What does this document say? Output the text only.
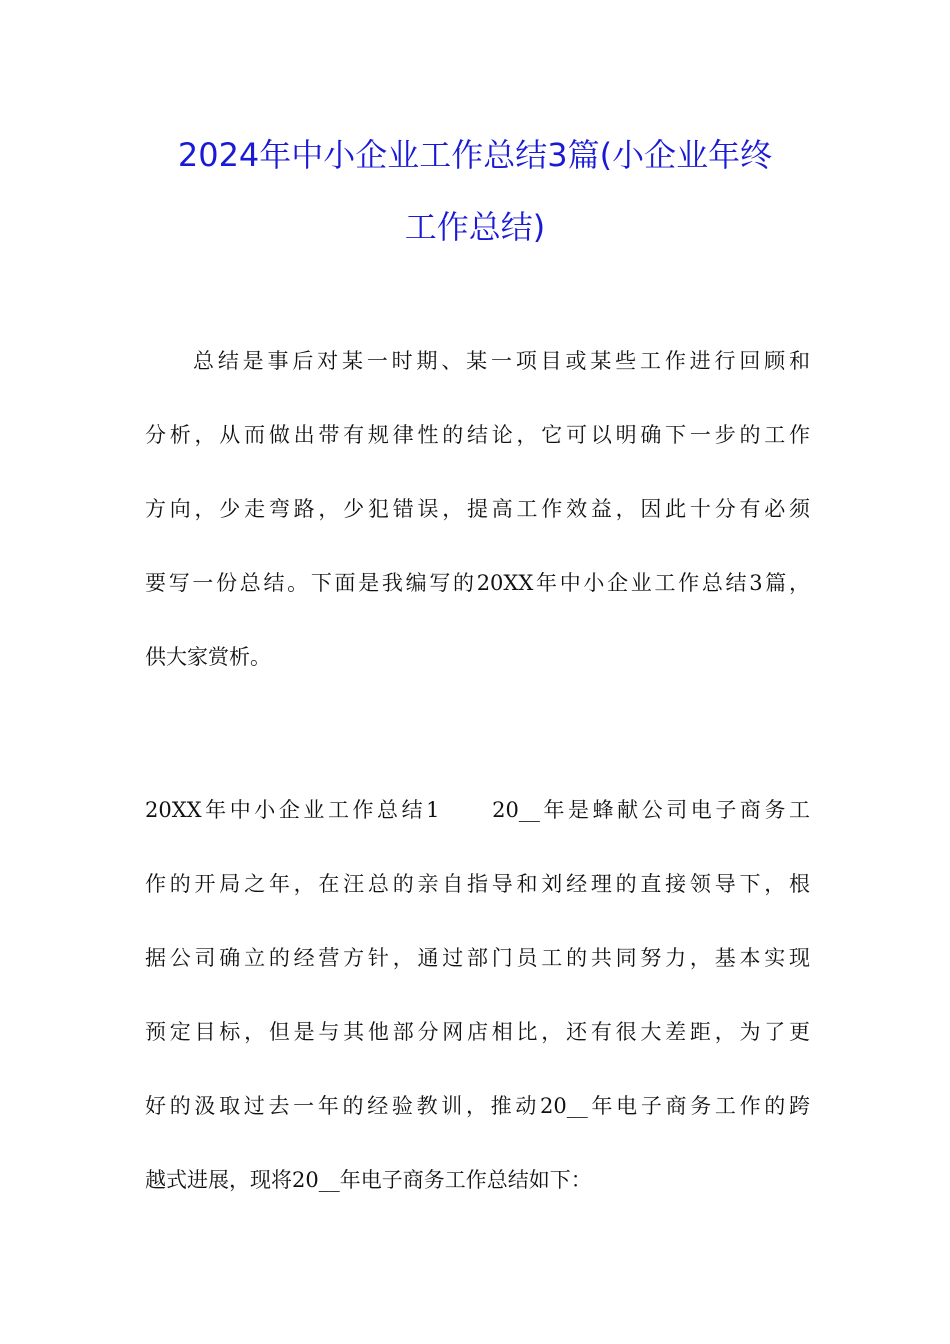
2024年中小企业工作总结3篇(小企业年终
工作总结)
总结是事后对某一时期、某一项目或某些工作进行回顾和
分析，从而做出带有规律性的结论，它可以明确下一步的工作
方向，少走弯路，少犯错误，提高工作效益，因此十分有必须
要写一份总结。下面是我编写的20XX年中小企业工作总结3篇，
供大家赏析。
20XX年中小企业工作总结1　　20__年是蜂献公司电子商务工
作的开局之年，在汪总的亲自指导和刘经理的直接领导下，根
据公司确立的经营方针，通过部门员工的共同努力，基本实现
预定目标，但是与其他部分网店相比，还有很大差距，为了更
好的汲取过去一年的经验教训，推动20__年电子商务工作的跨
越式进展，现将20__年电子商务工作总结如下：
